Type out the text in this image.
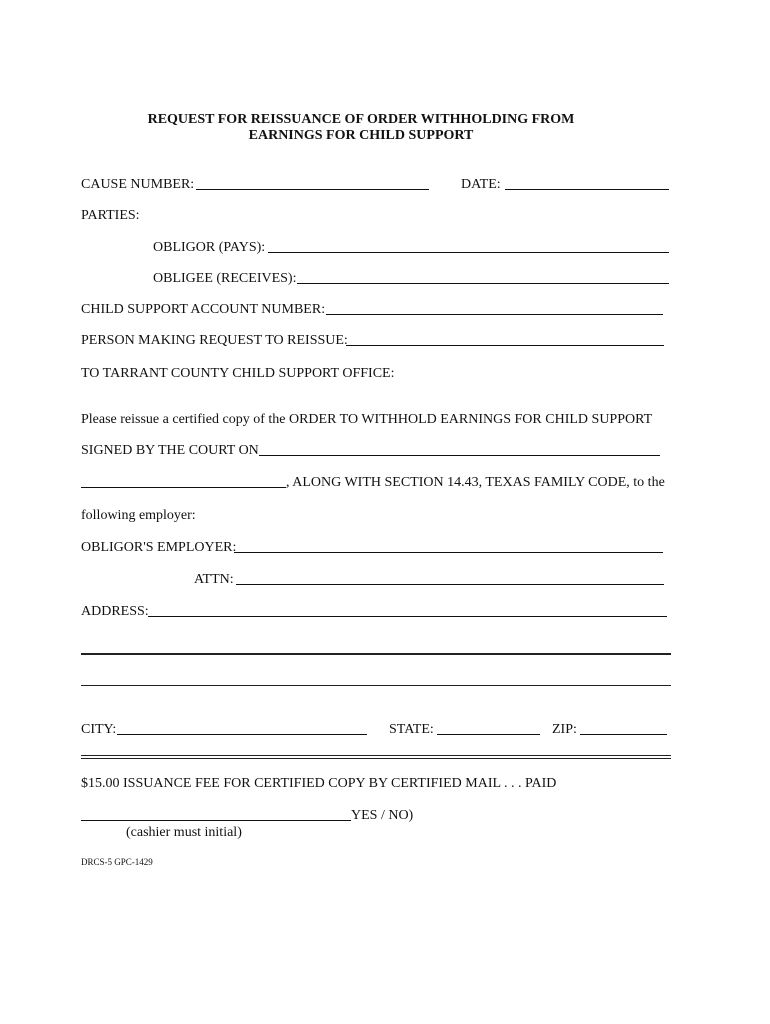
REQUEST FOR REISSUANCE OF ORDER WITHHOLDING FROM
EARNINGS FOR CHILD SUPPORT
CAUSE NUMBER:	DATE:
PARTIES:
OBLIGOR (PAYS):
OBLIGEE (RECEIVES):
CHILD SUPPORT ACCOUNT NUMBER:
PERSON MAKING REQUEST TO REISSUE:
TO TARRANT COUNTY CHILD SUPPORT OFFICE:
Please reissue a certified copy of the ORDER TO WITHHOLD EARNINGS FOR CHILD SUPPORT
SIGNED BY THE COURT ON
, ALONG WITH SECTION 14.43, TEXAS FAMILY CODE, to the
following employer:
OBLIGOR'S EMPLOYER:
ATTN:
ADDRESS:
CITY:	STATE:	ZIP:
$15.00 ISSUANCE FEE FOR CERTIFIED COPY BY CERTIFIED MAIL . . . PAID
YES / NO)
(cashier must initial)
DRCS-5 GPC-1429
